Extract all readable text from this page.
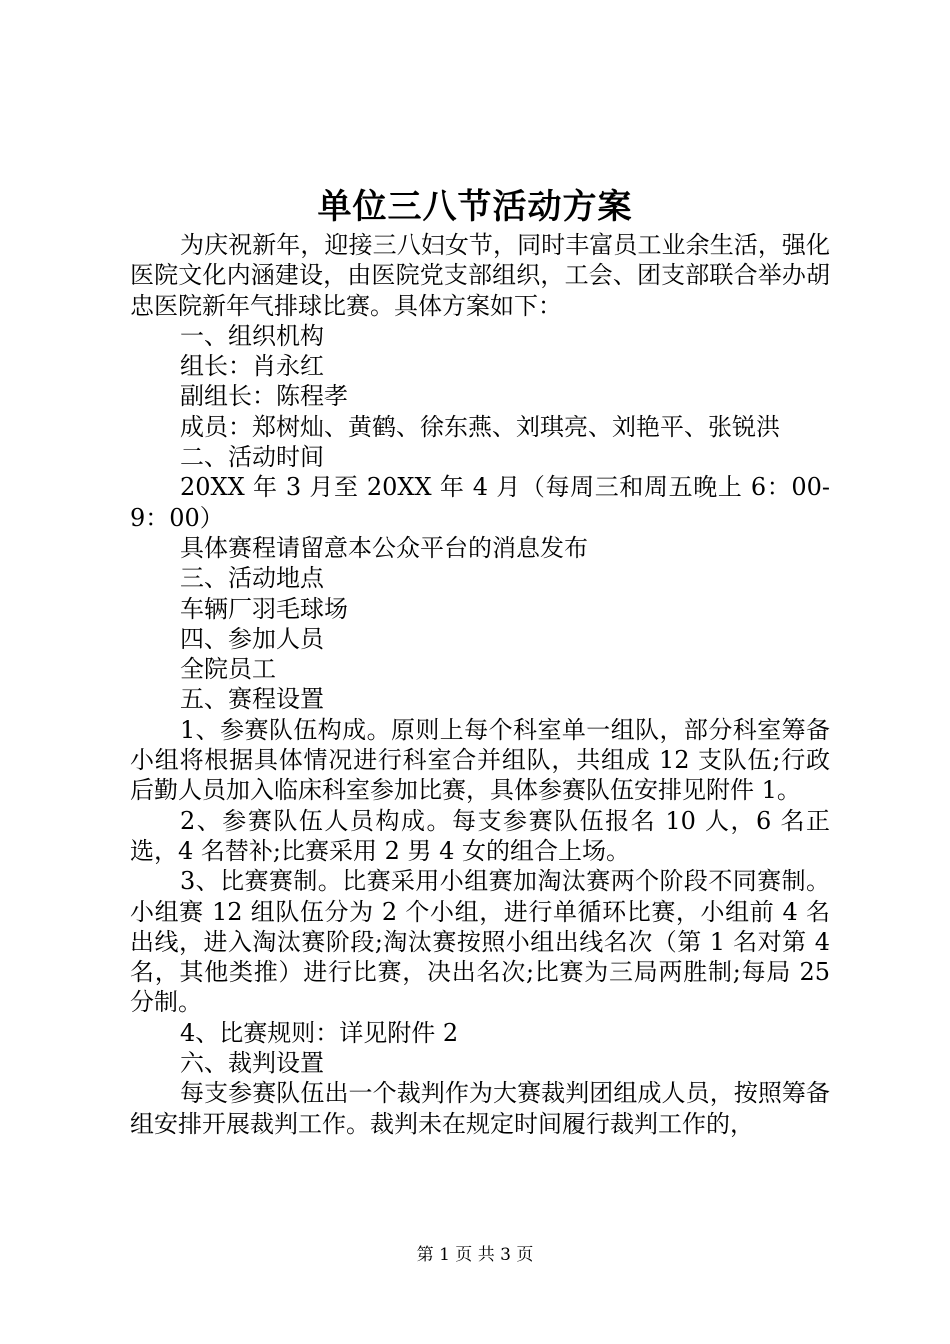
单位三八节活动方案

为庆祝新年，迎接三八妇女节，同时丰富员工业余生活，强化医院文化内涵建设，由医院党支部组织，工会、团支部联合举办胡忠医院新年气排球比赛。具体方案如下：

一、组织机构

组长：肖永红

副组长：陈程孝

成员：郑树灿、黄鹤、徐东燕、刘琪亮、刘艳平、张锐洪

二、活动时间

20XX 年 3 月至 20XX 年 4 月（每周三和周五晚上 6：00-9：00）

具体赛程请留意本公众平台的消息发布

三、活动地点

车辆厂羽毛球场

四、参加人员

全院员工

五、赛程设置

1、参赛队伍构成。原则上每个科室单一组队，部分科室筹备小组将根据具体情况进行科室合并组队，共组成 12 支队伍;行政后勤人员加入临床科室参加比赛，具体参赛队伍安排见附件 1。

2、参赛队伍人员构成。每支参赛队伍报名 10 人，6 名正选，4 名替补;比赛采用 2 男 4 女的组合上场。

3、比赛赛制。比赛采用小组赛加淘汰赛两个阶段不同赛制。小组赛 12 组队伍分为 2 个小组，进行单循环比赛，小组前 4 名出线，进入淘汰赛阶段;淘汰赛按照小组出线名次（第 1 名对第 4 名，其他类推）进行比赛，决出名次;比赛为三局两胜制;每局 25 分制。

4、比赛规则：详见附件 2

六、裁判设置

每支参赛队伍出一个裁判作为大赛裁判团组成人员，按照筹备组安排开展裁判工作。裁判未在规定时间履行裁判工作的，

第 1 页 共 3 页
